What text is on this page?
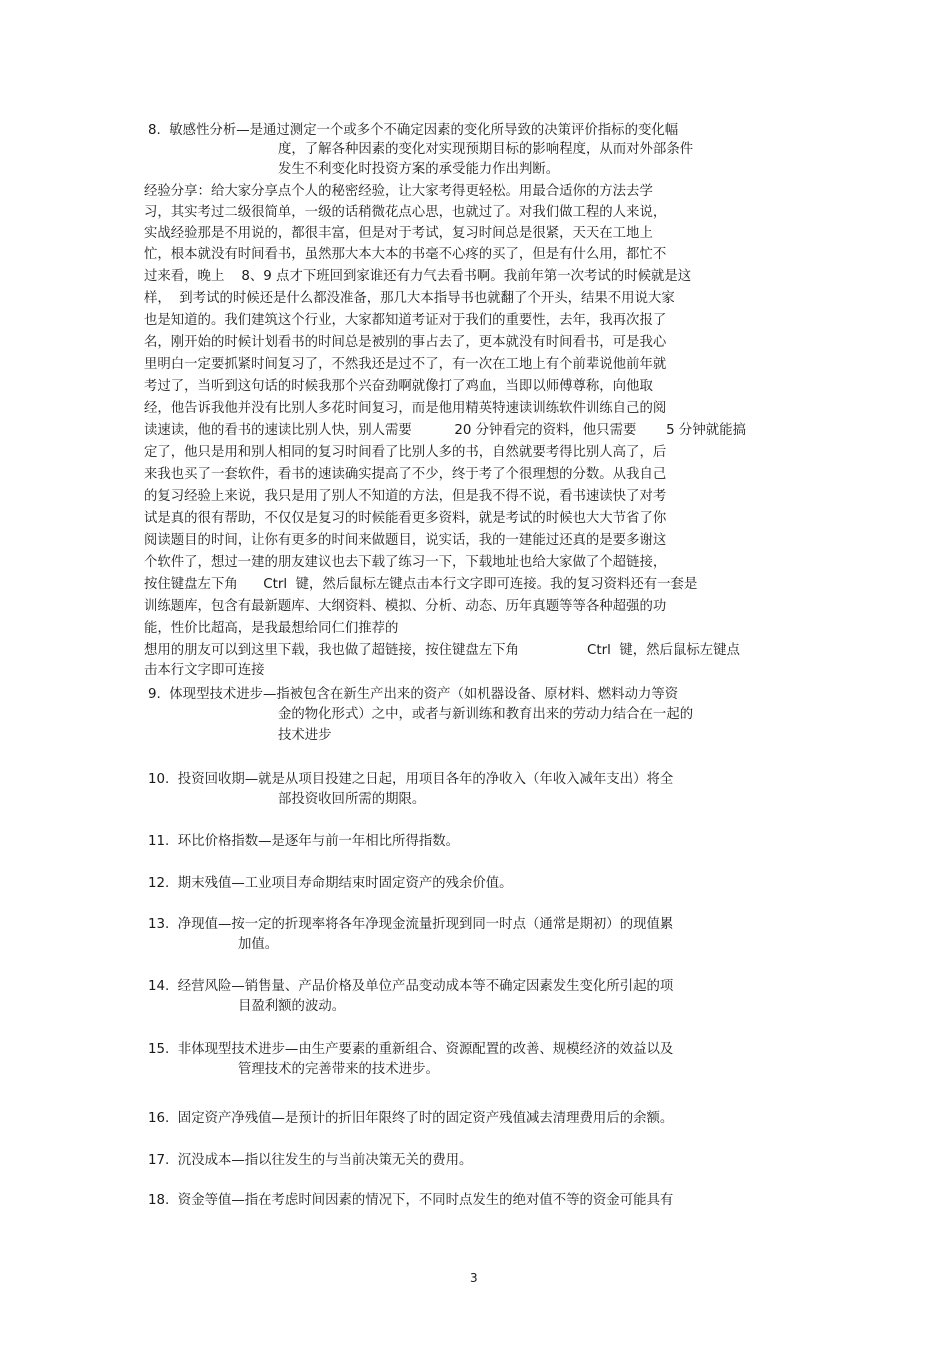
8.  敏感性分析—是通过测定一个或多个不确定因素的变化所导致的决策评价指标的变化幅
度，了解各种因素的变化对实现预期目标的影响程度，从而对外部条件
发生不利变化时投资方案的承受能力作出判断。
经验分享：给大家分享点个人的秘密经验，让大家考得更轻松。用最合适你的方法去学
习，其实考过二级很简单，一级的话稍微花点心思，也就过了。对我们做工程的人来说，
实战经验那是不用说的，都很丰富，但是对于考试，复习时间总是很紧，天天在工地上
忙，根本就没有时间看书，虽然那大本大本的书毫不心疼的买了，但是有什么用，都忙不
过来看，晚上    8、9 点才下班回到家谁还有力气去看书啊。我前年第一次考试的时候就是这
样，  到考试的时候还是什么都没准备，那几大本指导书也就翻了个开头，结果不用说大家
也是知道的。我们建筑这个行业，大家都知道考证对于我们的重要性，去年，我再次报了
名，刚开始的时候计划看书的时间总是被别的事占去了，更本就没有时间看书，可是我心
里明白一定要抓紧时间复习了，不然我还是过不了，有一次在工地上有个前辈说他前年就
考过了，当听到这句话的时候我那个兴奋劲啊就像打了鸡血，当即以师傅尊称，向他取
经，他告诉我他并没有比别人多花时间复习，而是他用精英特速读训练软件训练自己的阅
读速读，他的看书的速读比别人快，别人需要          20 分钟看完的资料，他只需要       5 分钟就能搞
定了，他只是用和别人相同的复习时间看了比别人多的书，自然就要考得比别人高了，后
来我也买了一套软件，看书的速读确实提高了不少，终于考了个很理想的分数。从我自己
的复习经验上来说，我只是用了别人不知道的方法，但是我不得不说，看书速读快了对考
试是真的很有帮助，不仅仅是复习的时候能看更多资料，就是考试的时候也大大节省了你
阅读题目的时间，让你有更多的时间来做题目，说实话，我的一建能过还真的是要多谢这
个软件了，想过一建的朋友建议也去下载了练习一下，下载地址也给大家做了个超链接，
按住键盘左下角      Ctrl  键，然后鼠标左键点击本行文字即可连接。我的复习资料还有一套是
训练题库，包含有最新题库、大纲资料、模拟、分析、动态、历年真题等等各种超强的功
能，性价比超高，是我最想给同仁们推荐的
想用的朋友可以到这里下载，我也做了超链接，按住键盘左下角                Ctrl  键，然后鼠标左键点
击本行文字即可连接
9.  体现型技术进步—指被包含在新生产出来的资产（如机器设备、原材料、燃料动力等资
金的物化形式）之中，或者与新训练和教育出来的劳动力结合在一起的
技术进步
10.  投资回收期—就是从项目投建之日起，用项目各年的净收入（年收入减年支出）将全
部投资收回所需的期限。
11.  环比价格指数—是逐年与前一年相比所得指数。
12.  期末残值—工业项目寿命期结束时固定资产的残余价值。
13.  净现值—按一定的折现率将各年净现金流量折现到同一时点（通常是期初）的现值累
加值。
14.  经营风险—销售量、产品价格及单位产品变动成本等不确定因素发生变化所引起的项
目盈利额的波动。
15.  非体现型技术进步—由生产要素的重新组合、资源配置的改善、规模经济的效益以及
管理技术的完善带来的技术进步。
16.  固定资产净残值—是预计的折旧年限终了时的固定资产残值减去清理费用后的余额。
17.  沉没成本—指以往发生的与当前决策无关的费用。
18.  资金等值—指在考虑时间因素的情况下，不同时点发生的绝对值不等的资金可能具有
3
